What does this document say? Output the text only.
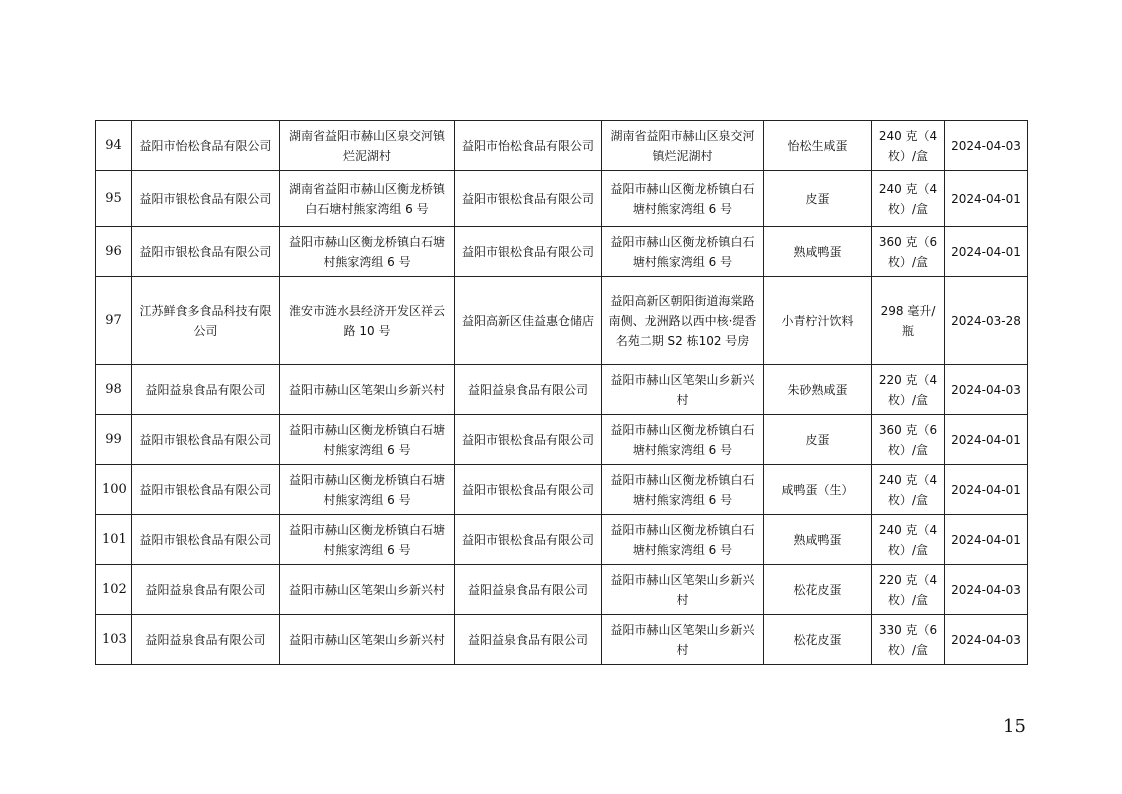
94	益阳市怡松食品有限公司	湖南省益阳市赫山区泉交河镇烂泥湖村	益阳市怡松食品有限公司	湖南省益阳市赫山区泉交河镇烂泥湖村	怡松生咸蛋	240 克（4枚）/盒	2024-04-03
95	益阳市银松食品有限公司	湖南省益阳市赫山区衡龙桥镇白石塘村熊家湾组 6 号	益阳市银松食品有限公司	益阳市赫山区衡龙桥镇白石塘村熊家湾组 6 号	皮蛋	240 克（4枚）/盒	2024-04-01
96	益阳市银松食品有限公司	益阳市赫山区衡龙桥镇白石塘村熊家湾组 6 号	益阳市银松食品有限公司	益阳市赫山区衡龙桥镇白石塘村熊家湾组 6 号	熟咸鸭蛋	360 克（6枚）/盒	2024-04-01
97	江苏鲜食多食品科技有限公司	淮安市涟水县经济开发区祥云路 10 号	益阳高新区佳益惠仓储店	益阳高新区朝阳街道海棠路南侧、龙洲路以西中核·缇香名苑二期 S2 栋102 号房	小青柠汁饮料	298 毫升/瓶	2024-03-28
98	益阳益泉食品有限公司	益阳市赫山区笔架山乡新兴村	益阳益泉食品有限公司	益阳市赫山区笔架山乡新兴村	朱砂熟咸蛋	220 克（4枚）/盒	2024-04-03
99	益阳市银松食品有限公司	益阳市赫山区衡龙桥镇白石塘村熊家湾组 6 号	益阳市银松食品有限公司	益阳市赫山区衡龙桥镇白石塘村熊家湾组 6 号	皮蛋	360 克（6枚）/盒	2024-04-01
100	益阳市银松食品有限公司	益阳市赫山区衡龙桥镇白石塘村熊家湾组 6 号	益阳市银松食品有限公司	益阳市赫山区衡龙桥镇白石塘村熊家湾组 6 号	咸鸭蛋（生）	240 克（4枚）/盒	2024-04-01
101	益阳市银松食品有限公司	益阳市赫山区衡龙桥镇白石塘村熊家湾组 6 号	益阳市银松食品有限公司	益阳市赫山区衡龙桥镇白石塘村熊家湾组 6 号	熟咸鸭蛋	240 克（4枚）/盒	2024-04-01
102	益阳益泉食品有限公司	益阳市赫山区笔架山乡新兴村	益阳益泉食品有限公司	益阳市赫山区笔架山乡新兴村	松花皮蛋	220 克（4枚）/盒	2024-04-03
103	益阳益泉食品有限公司	益阳市赫山区笔架山乡新兴村	益阳益泉食品有限公司	益阳市赫山区笔架山乡新兴村	松花皮蛋	330 克（6枚）/盒	2024-04-03
15
